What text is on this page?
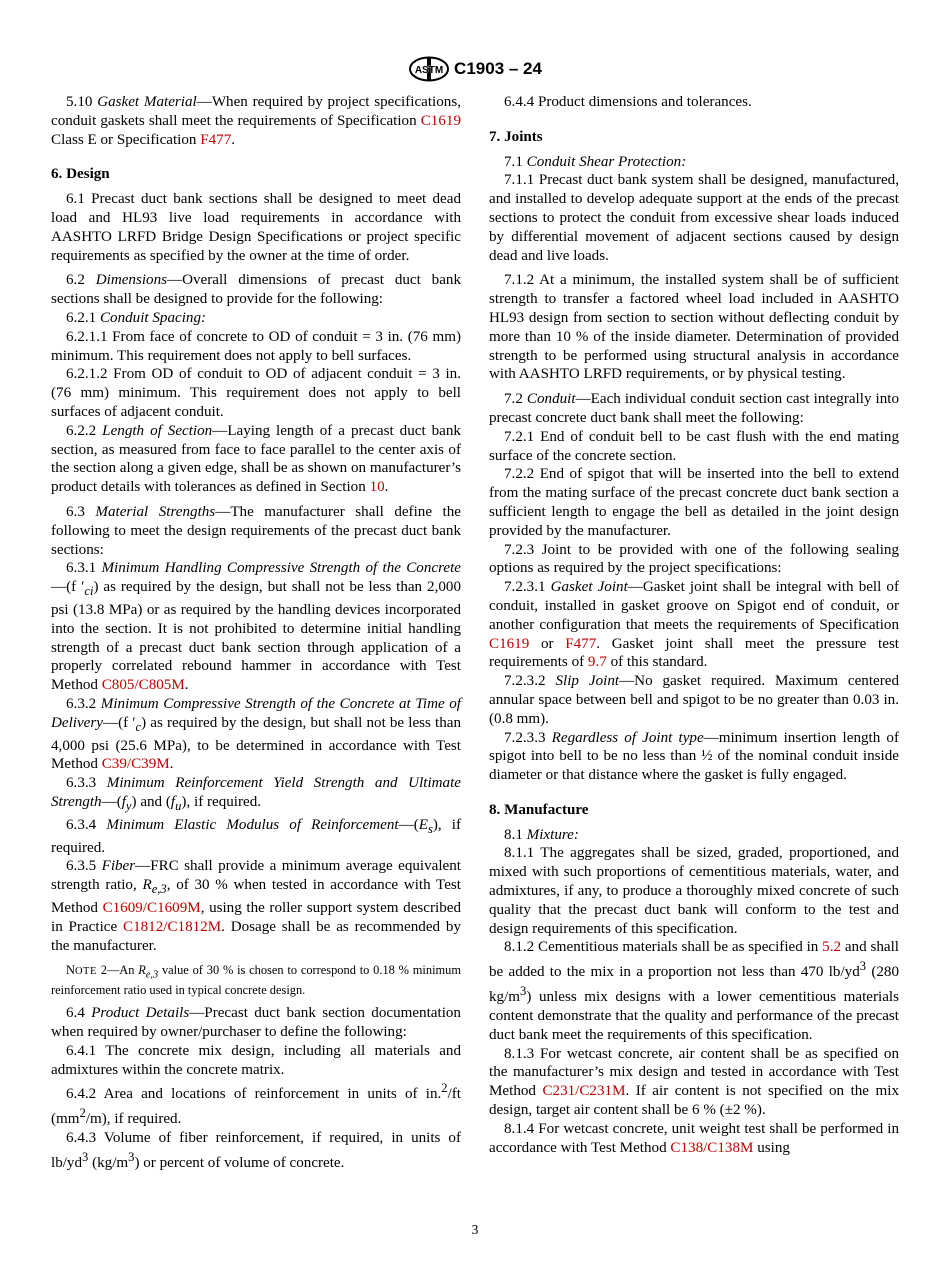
ASTM C1903 – 24

5.10 Gasket Material—When required by project specifications, conduit gaskets shall meet the requirements of Specification C1619 Class E or Specification F477.

6. Design

6.1 Precast duct bank sections shall be designed to meet dead load and HL93 live load requirements in accordance with AASHTO LRFD Bridge Design Specifications or project specific requirements as specified by the owner at the time of order.

6.2 Dimensions—Overall dimensions of precast duct bank sections shall be designed to provide for the following:

6.2.1 Conduit Spacing:

6.2.1.1 From face of concrete to OD of conduit = 3 in. (76 mm) minimum. This requirement does not apply to bell surfaces.

6.2.1.2 From OD of conduit to OD of adjacent conduit = 3 in. (76 mm) minimum. This requirement does not apply to bell surfaces of adjacent conduit.

6.2.2 Length of Section—Laying length of a precast duct bank section, as measured from face to face parallel to the center axis of the section along a given edge, shall be as shown on manufacturer’s product details with tolerances as defined in Section 10.

6.3 Material Strengths—The manufacturer shall define the following to meet the design requirements of the precast duct bank sections:

6.3.1 Minimum Handling Compressive Strength of the Concrete—(f $'_{ci}$) as required by the design, but shall not be less than 2,000 psi (13.8 MPa) or as required by the handling devices incorporated into the section. It is not prohibited to determine initial handling strength of a precast duct bank section through application of a properly correlated rebound hammer in accordance with Test Method C805/C805M.

6.3.2 Minimum Compressive Strength of the Concrete at Time of Delivery—(f $'_c$) as required by the design, but shall not be less than 4,000 psi (25.6 MPa), to be determined in accordance with Test Method C39/C39M.

6.3.3 Minimum Reinforcement Yield Strength and Ultimate $Strength—(f_y)$ and $(f_u)$, if required.

6.3.4 Minimum Elastic Modulus of $Reinforcement—(E_s)$, if required.

6.3.5 Fiber—FRC shall provide a minimum average equivalent strength ratio, $R_{e,3}$, of 30 % when tested in accordance with Test Method C1609/C1609M, using the roller support system described in Practice C1812/C1812M. Dosage shall be as recommended by the manufacturer.

NOTE 2—An $R_{e,3}$ value of 30 % is chosen to correspond to 0.18 % minimum reinforcement ratio used in typical concrete design.

6.4 Product Details—Precast duct bank section documentation when required by owner/purchaser to define the following:

6.4.1 The concrete mix design, including all materials and admixtures within the concrete matrix.

6.4.2 Area and locations of reinforcement in units of in.$^2$/ft $(mm^2/m)$, if required.

6.4.3 Volume of fiber reinforcement, if required, in units of $lb/yd^3$ $(kg/m^3)$ or percent of volume of concrete.

6.4.4 Product dimensions and tolerances.

7. Joints

7.1 Conduit Shear Protection:

7.1.1 Precast duct bank system shall be designed, manufactured, and installed to develop adequate support at the ends of the precast sections to protect the conduit from excessive shear loads induced by differential movement of adjacent sections caused by design dead and live loads.

7.1.2 At a minimum, the installed system shall be of sufficient strength to transfer a factored wheel load included in AASHTO HL93 design from section to section without deflecting conduit by more than 10 % of the inside diameter. Determination of provided strength to be performed using structural analysis in accordance with AASHTO LRFD requirements, or by physical testing.

7.2 Conduit—Each individual conduit section cast integrally into precast concrete duct bank shall meet the following:

7.2.1 End of conduit bell to be cast flush with the end mating surface of the concrete section.

7.2.2 End of spigot that will be inserted into the bell to extend from the mating surface of the precast concrete duct bank section a sufficient length to engage the bell as detailed in the joint design provided by the manufacturer.

7.2.3 Joint to be provided with one of the following sealing options as required by the project specifications:

7.2.3.1 Gasket Joint—Gasket joint shall be integral with bell of conduit, installed in gasket groove on Spigot end of conduit, or another configuration that meets the requirements of Specification C1619 or F477. Gasket joint shall meet the pressure test requirements of 9.7 of this standard.

7.2.3.2 Slip Joint—No gasket required. Maximum centered annular space between bell and spigot to be no greater than 0.03 in. (0.8 mm).

7.2.3.3 Regardless of Joint type—minimum insertion length of spigot into bell to be no less than ½ of the nominal conduit inside diameter or that distance where the gasket is fully engaged.

8. Manufacture

8.1 Mixture:

8.1.1 The aggregates shall be sized, graded, proportioned, and mixed with such proportions of cementitious materials, water, and admixtures, if any, to produce a thoroughly mixed concrete of such quality that the precast duct bank will conform to the test and design requirements of this specification.

8.1.2 Cementitious materials shall be as specified in 5.2 and shall be added to the mix in a proportion not less than 470 $lb/yd^3$ (280 $kg/m^3$) unless mix designs with a lower cementitious materials content demonstrate that the quality and performance of the precast duct bank meet the requirements of this specification.

8.1.3 For wetcast concrete, air content shall be as specified on the manufacturer’s mix design and tested in accordance with Test Method C231/C231M. If air content is not specified on the mix design, target air content shall be 6 % (±2 %).

8.1.4 For wetcast concrete, unit weight test shall be performed in accordance with Test Method C138/C138M using

3
